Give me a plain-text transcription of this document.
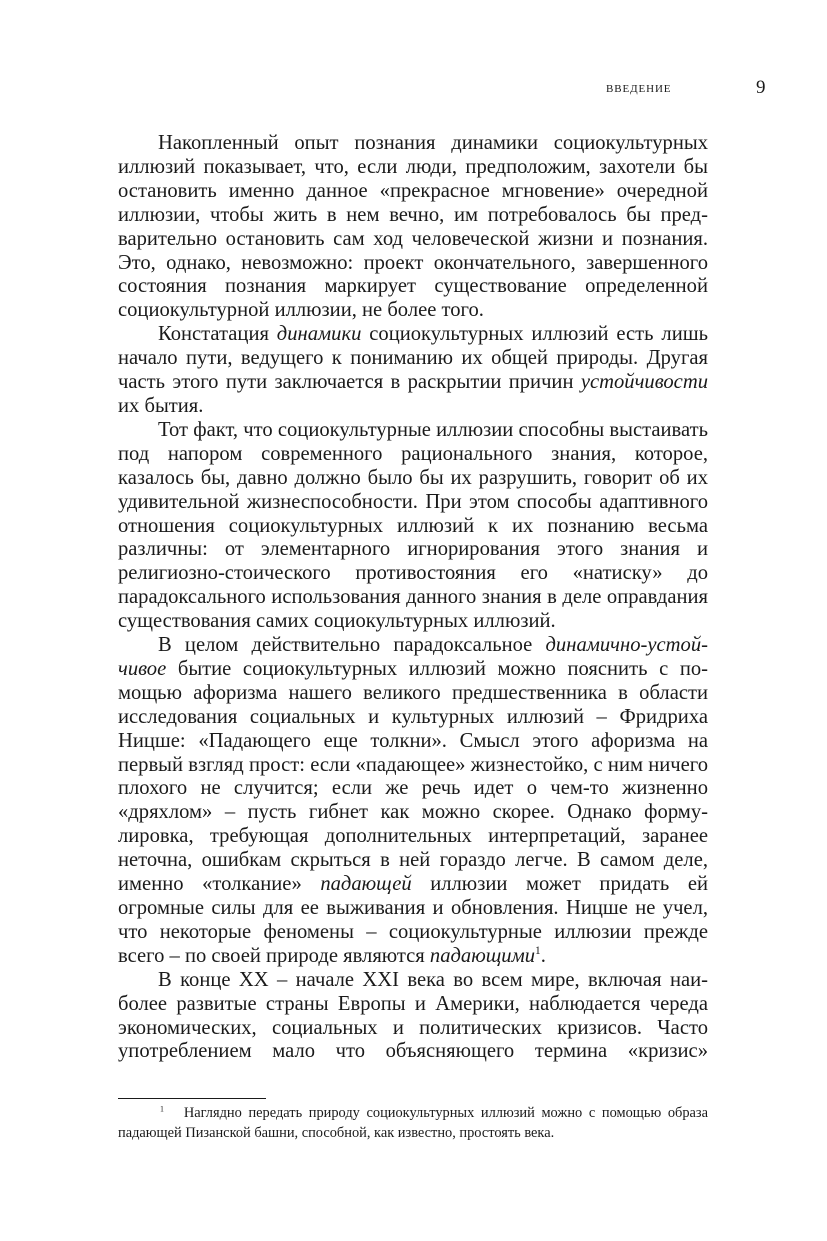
ВВЕДЕНИЕ	9

Накопленный опыт познания динамики социокультурных иллюзий показывает, что, если люди, предположим, захотели бы остановить именно данное «прекрасное мгновение» очередной иллюзии, чтобы жить в нем вечно, им потребовалось бы предварительно остановить сам ход человеческой жизни и познания. Это, однако, невозможно: проект окончательного, завершенного состояния познания маркирует существование определенной социокультурной иллюзии, не более того.

Констатация динамики социокультурных иллюзий есть лишь начало пути, ведущего к пониманию их общей природы. Другая часть этого пути заключается в раскрытии причин устойчивости их бытия.

Тот факт, что социокультурные иллюзии способны выстаивать под напором современного рационального знания, которое, казалось бы, давно должно было бы их разрушить, говорит об их удивительной жизнеспособности. При этом способы адаптивного отношения социокультурных иллюзий к их познанию весьма различны: от элементарного игнорирования этого знания и религиозно-стоического противостояния его «натиску» до парадоксального использования данного знания в деле оправдания существования самих социокультурных иллюзий.

В целом действительно парадоксальное динамично-устойчивое бытие социокультурных иллюзий можно пояснить с помощью афоризма нашего великого предшественника в области исследования социальных и культурных иллюзий – Фридриха Ницше: «Падающего еще толкни». Смысл этого афоризма на первый взгляд прост: если «падающее» жизнестойко, с ним ничего плохого не случится; если же речь идет о чем-то жизненно «дряхлом» – пусть гибнет как можно скорее. Однако формулировка, требующая дополнительных интерпретаций, заранее неточна, ошибкам скрыться в ней гораздо легче. В самом деле, именно «толкание» падающей иллюзии может придать ей огромные силы для ее выживания и обновления. Ницше не учел, что некоторые феномены – социокультурные иллюзии прежде всего – по своей природе являются падающими$^1$.

В конце XX – начале XXI века во всем мире, включая наиболее развитые страны Европы и Америки, наблюдается череда экономических, социальных и политических кризисов. Часто употреблением мало что объясняющего термина «кризис»

$^1$ Наглядно передать природу социокультурных иллюзий можно с помощью образа падающей Пизанской башни, способной, как известно, простоять века.
